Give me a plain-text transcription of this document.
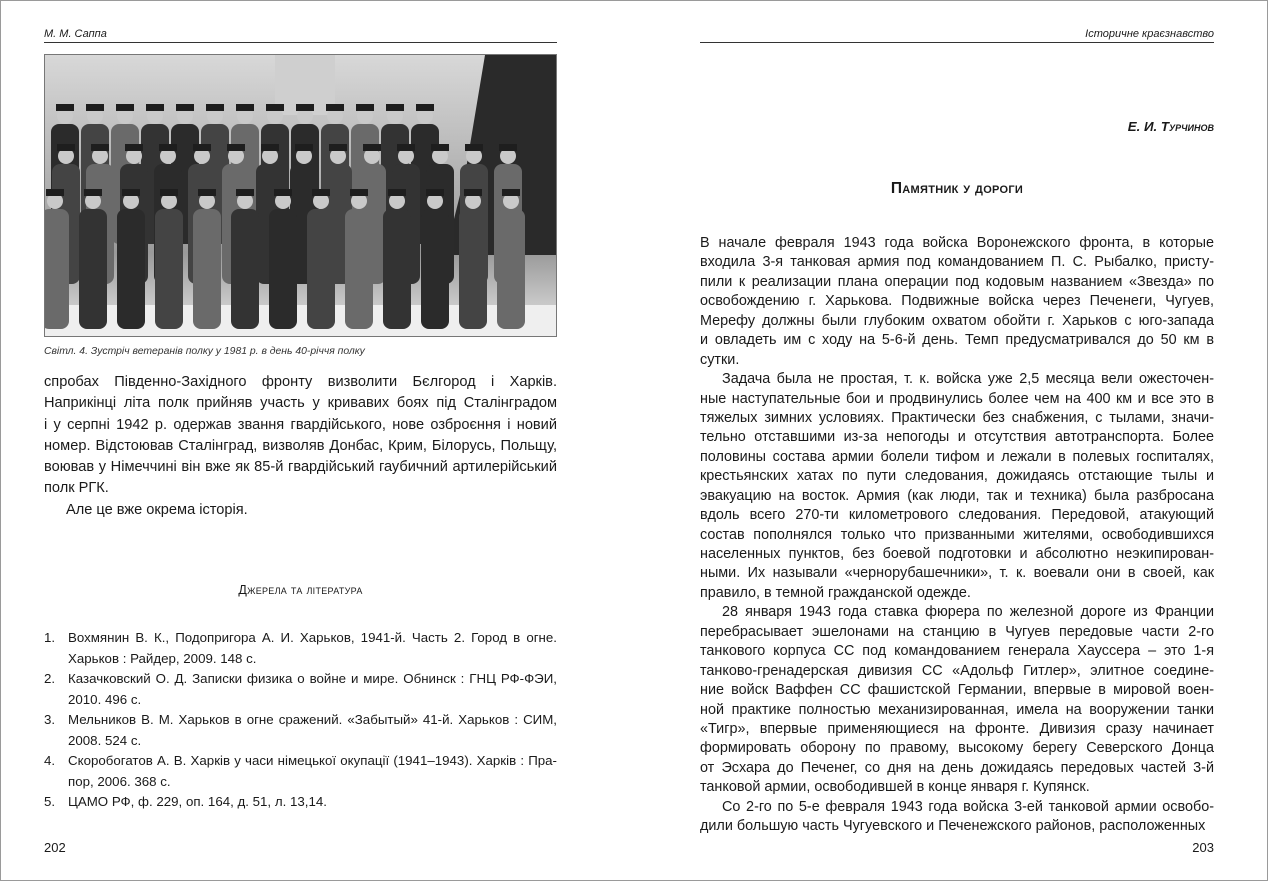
М. М. Саппа
Світл. 4. Зустріч ветеранів полку у 1981 р. в день 40-річчя полку
спробах Південно-Західного фронту визволити Бєлгород і Харків.
Наприкінці літа полк прийняв участь у кривавих боях під Сталінградом
і у серпні 1942 р. одержав звання гвардійського, нове озброєння і новий
номер. Відстоював Сталінград, визволяв Донбас, Крим, Білорусь, Польщу,
воював у Німеччині він вже як 85-й гвардійський гаубичний артилерійський
полк РГК.
Але це вже окрема історія.
Джерела та література
1. Вохмянин В. К., Подопригора А. И. Харьков, 1941-й. Часть 2. Город в огне.
Харьков : Райдер, 2009. 148 с.
2. Казачковский О. Д. Записки физика о войне и мире. Обнинск : ГНЦ РФ-ФЭИ,
2010. 496 с.
3. Мельников В. М. Харьков в огне сражений. «Забытый» 41-й. Харьков : СИМ,
2008. 524 с.
4. Скоробогатов А. В. Харків у часи німецької окупації (1941–1943). Харків : Пра-
пор, 2006. 368 с.
5. ЦАМО РФ, ф. 229, оп. 164, д. 51, л. 13,14.
202
Історичне краєзнавство
Е. И. Турчинов
Памятник у дороги
В начале февраля 1943 года войска Воронежского фронта, в которые
входила 3-я танковая армия под командованием П. С. Рыбалко, присту-
пили к реализации плана операции под кодовым названием «Звезда» по
освобождению г. Харькова. Подвижные войска через Печенеги, Чугуев,
Мерефу должны были глубоким охватом обойти г. Харьков с юго-запада
и овладеть им с ходу на 5-6-й день. Темп предусматривался до 50 км в
сутки.
Задача была не простая, т. к. войска уже 2,5 месяца вели ожесточен-
ные наступательные бои и продвинулись более чем на 400 км и все это в
тяжелых зимних условиях. Практически без снабжения, с тылами, значи-
тельно отставшими из-за непогоды и отсутствия автотранспорта. Более
половины состава армии болели тифом и лежали в полевых госпиталях,
крестьянских хатах по пути следования, дожидаясь отстающие тылы и
эвакуацию на восток. Армия (как люди, так и техника) была разбросана
вдоль всего 270-ти километрового следования. Передовой, атакующий
состав пополнялся только что призванными жителями, освободившихся
населенных пунктов, без боевой подготовки и абсолютно неэкипирован-
ными. Их называли «чернорубашечники», т. к. воевали они в своей, как
правило, в темной гражданской одежде.
28 января 1943 года ставка фюрера по железной дороге из Франции
перебрасывает эшелонами на станцию в Чугуев передовые части 2-го
танкового корпуса СС под командованием генерала Хауссера – это 1-я
танково-гренадерская дивизия СС «Адольф Гитлер», элитное соедине-
ние войск Ваффен СС фашистской Германии, впервые в мировой воен-
ной практике полностью механизированная, имела на вооружении танки
«Тигр», впервые применяющиеся на фронте. Дивизия сразу начинает
формировать оборону по правому, высокому берегу Северского Донца
от Эсхара до Печенег, со дня на день дожидаясь передовых частей 3-й
танковой армии, освободившей в конце января г. Купянск.
Со 2-го по 5-е февраля 1943 года войска 3-ей танковой армии освобо-
дили большую часть Чугуевского и Печенежского районов, расположенных
203
